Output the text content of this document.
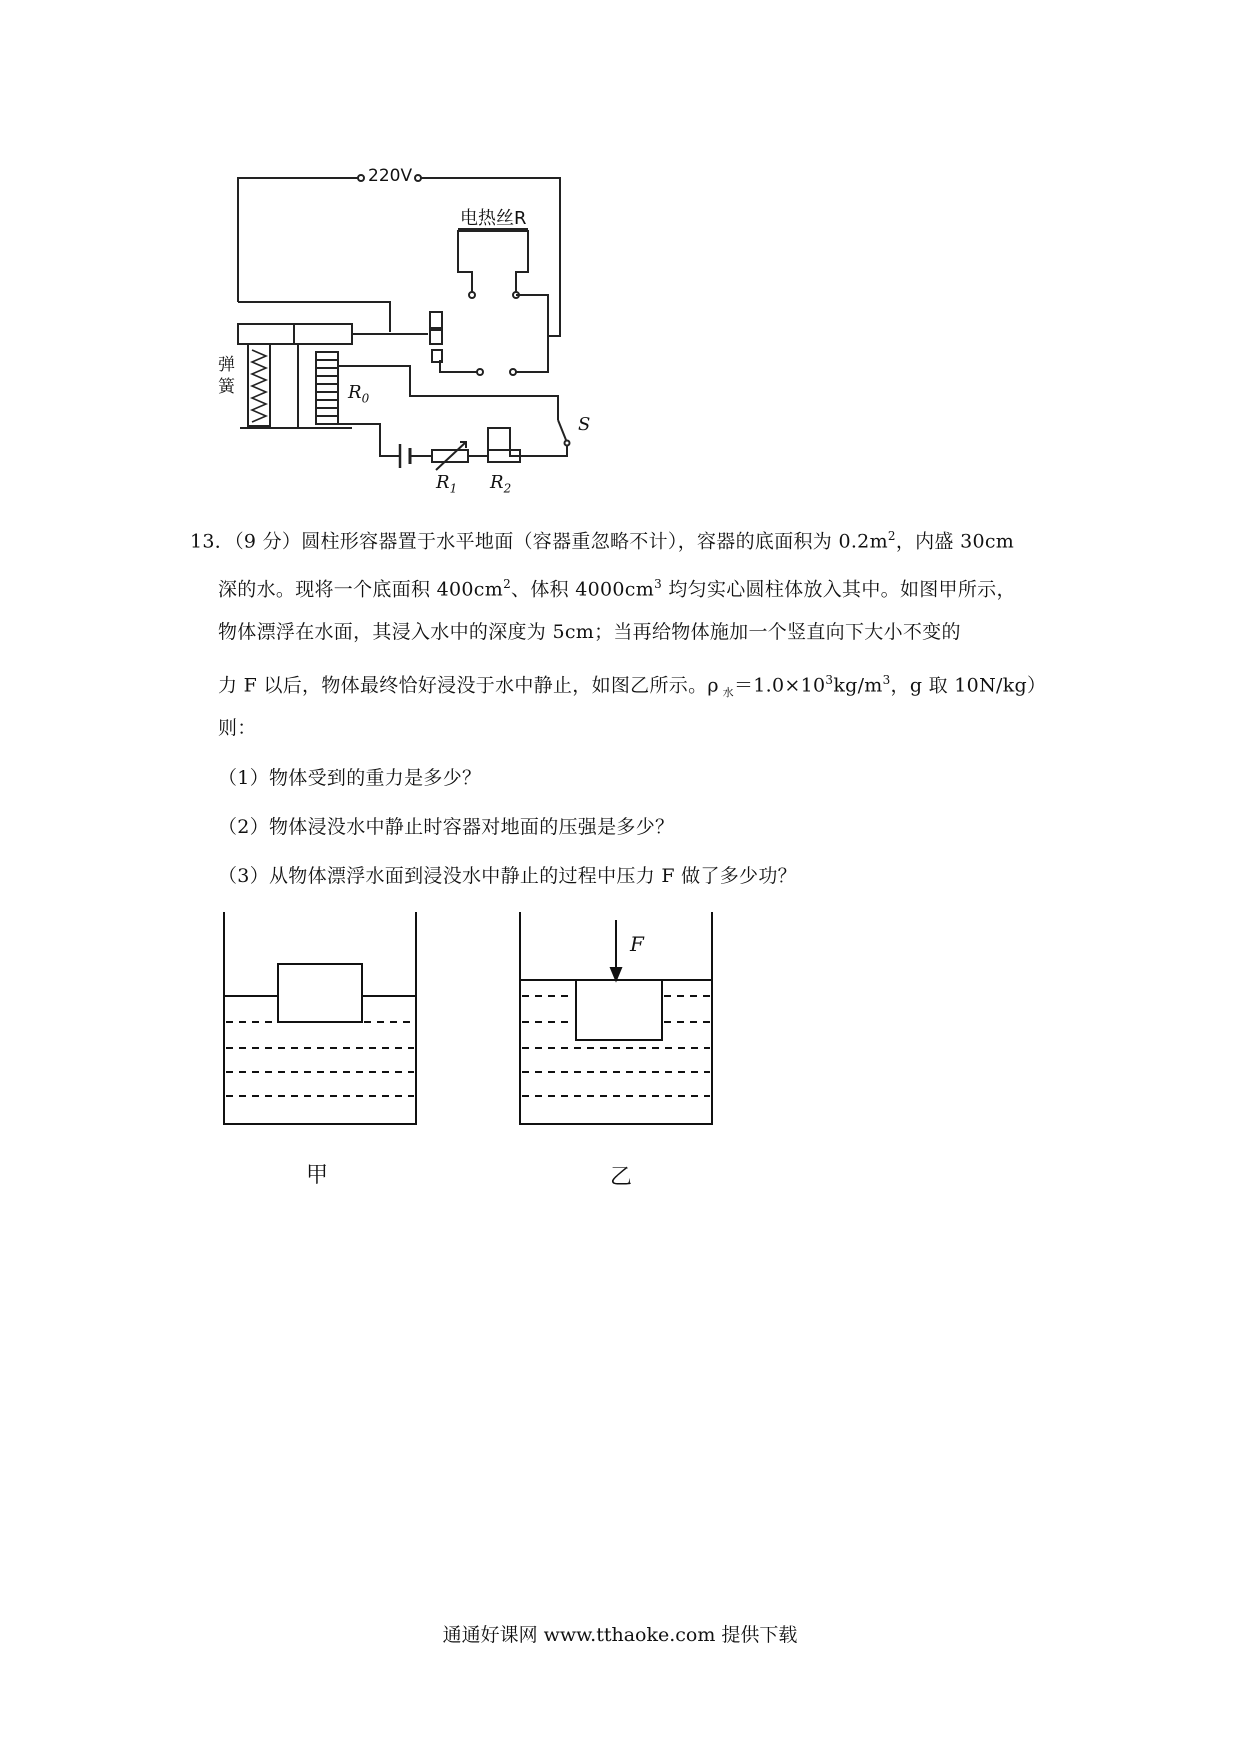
220V
电热丝R
弹簧	$R_0$
S
$R_1$ $R_2$
13．（9 分）圆柱形容器置于水平地面（容器重忽略不计），容器的底面积为 $0.2m^2$，内盛 30cm
深的水。现将一个底面积 $400cm^2$、体积 $4000cm^3$ 均匀实心圆柱体放入其中。如图甲所示，
物体漂浮在水面，其浸入水中的深度为 5cm；当再给物体施加一个竖直向下大小不变的
力 F 以后，物体最终恰好浸没于水中静止，如图乙所示。ρ $_水=1.0\times 10^3kg/m^3$，g 取 10N/kg）
则：
（1）物体受到的重力是多少？
（2）物体浸没水中静止时容器对地面的压强是多少？
（3）从物体漂浮水面到浸没水中静止的过程中压力 F 做了多少功？
F
甲	乙
通通好课网 www.tthaoke.com 提供下载
